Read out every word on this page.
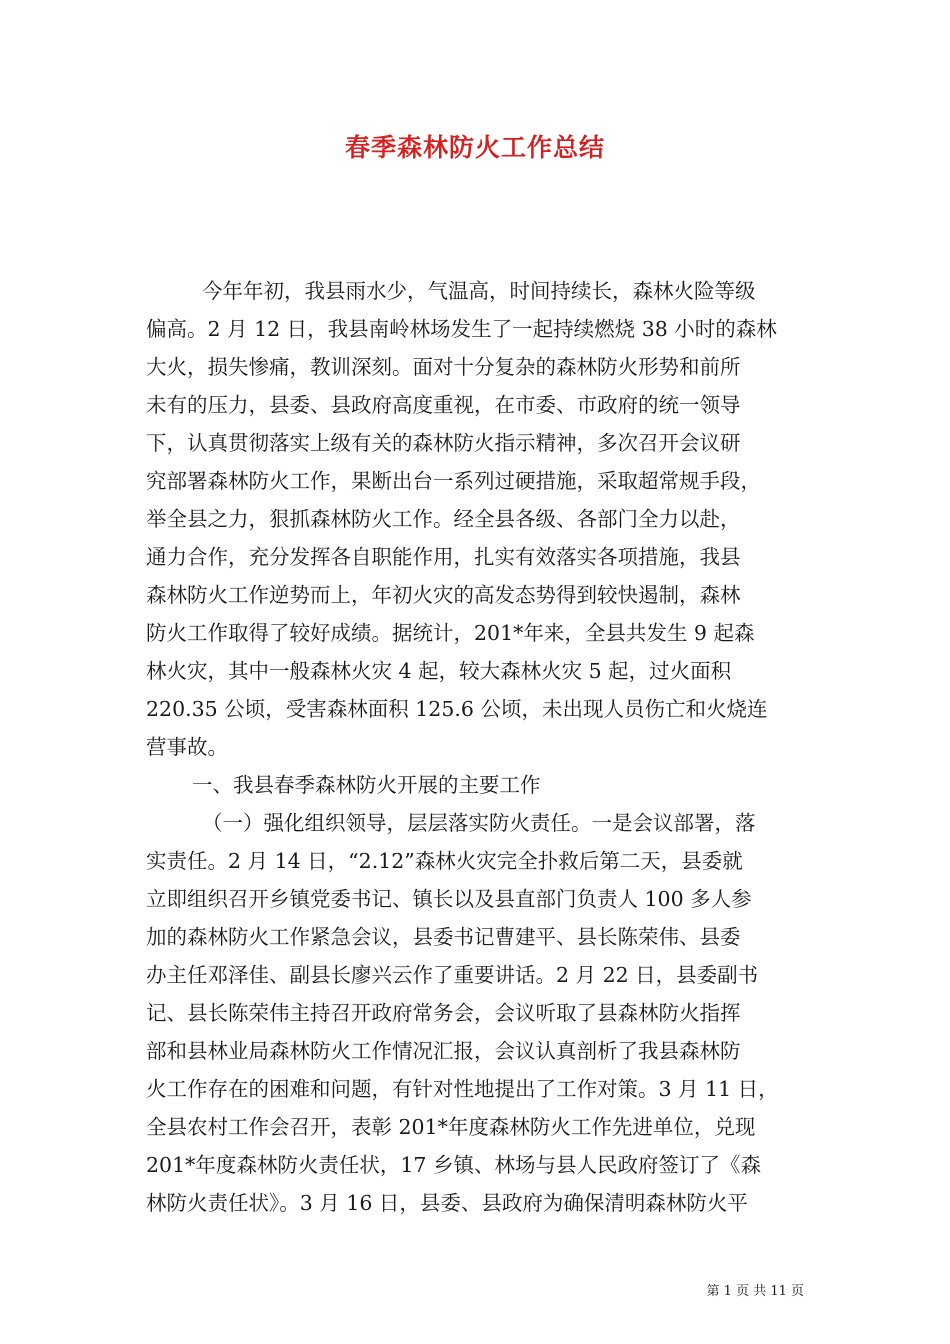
春季森林防火工作总结
今年年初，我县雨水少，气温高，时间持续长，森林火险等级
偏高。2 月 12 日，我县南岭林场发生了一起持续燃烧 38 小时的森林
大火，损失惨痛，教训深刻。面对十分复杂的森林防火形势和前所
未有的压力，县委、县政府高度重视，在市委、市政府的统一领导
下，认真贯彻落实上级有关的森林防火指示精神，多次召开会议研
究部署森林防火工作，果断出台一系列过硬措施，采取超常规手段，
举全县之力，狠抓森林防火工作。经全县各级、各部门全力以赴，
通力合作，充分发挥各自职能作用，扎实有效落实各项措施，我县
森林防火工作逆势而上，年初火灾的高发态势得到较快遏制，森林
防火工作取得了较好成绩。据统计，201*年来，全县共发生 9 起森
林火灾，其中一般森林火灾 4 起，较大森林火灾 5 起，过火面积
220.35 公顷，受害森林面积 125.6 公顷，未出现人员伤亡和火烧连
营事故。
一、我县春季森林防火开展的主要工作
（一）强化组织领导，层层落实防火责任。一是会议部署，落
实责任。2 月 14 日，“2.12”森林火灾完全扑救后第二天，县委就
立即组织召开乡镇党委书记、镇长以及县直部门负责人 100 多人参
加的森林防火工作紧急会议，县委书记曹建平、县长陈荣伟、县委
办主任邓泽佳、副县长廖兴云作了重要讲话。2 月 22 日，县委副书
记、县长陈荣伟主持召开政府常务会，会议听取了县森林防火指挥
部和县林业局森林防火工作情况汇报，会议认真剖析了我县森林防
火工作存在的困难和问题，有针对性地提出了工作对策。3 月 11 日，
全县农村工作会召开，表彰 201*年度森林防火工作先进单位，兑现
201*年度森林防火责任状，17 乡镇、林场与县人民政府签订了《森
林防火责任状》。3 月 16 日，县委、县政府为确保清明森林防火平
第 1 页 共 11 页
